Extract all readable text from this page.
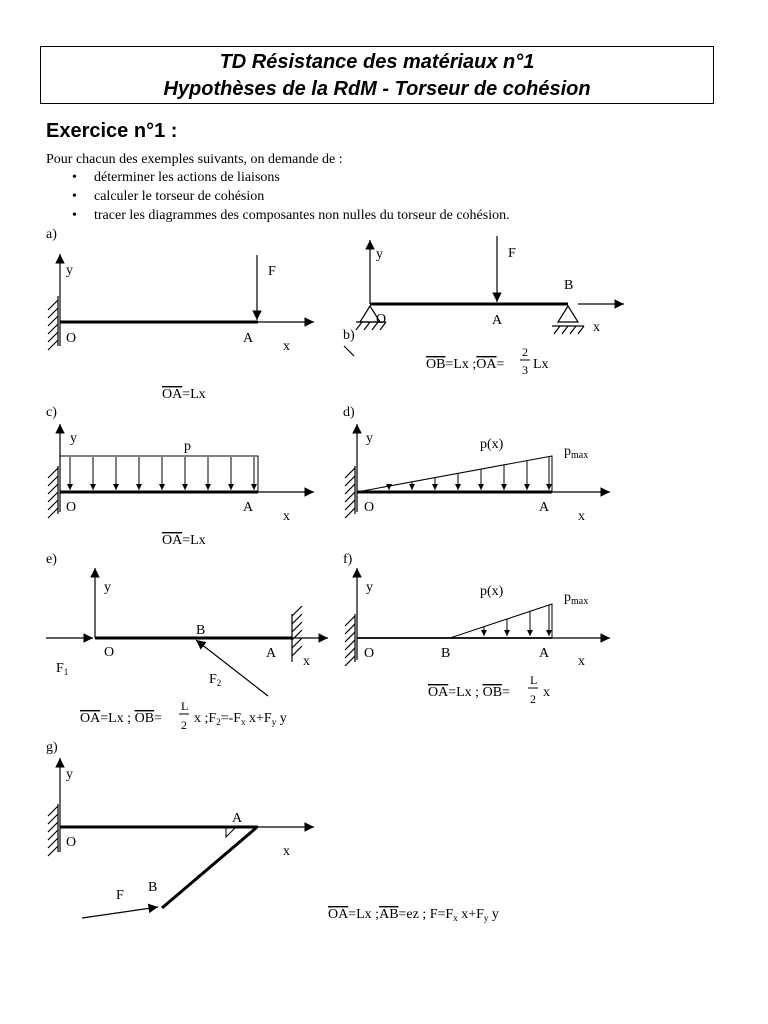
TD Résistance des matériaux n°1
Hypothèses de la RdM - Torseur de cohésion
Exercice n°1 :
Pour chacun des exemples suivants, on demande de :
• déterminer les actions de liaisons
• calculer le torseur de cohésion
• tracer les diagrammes des composantes non nulles du torseur de cohésion.
a)
y	F
O	A
x
OA=Lx
y	F
B
O	A	x
b)
OB=Lx ;OA=
2
3 Lx
c)
y
p
O	A
x
OA=Lx
d)
y	p(x)	$p_{max}$
O	A
x
e)
y
B
O	A
x
$F_1$	$F_2$
OA=Lx ; OB=
L
2 x $;F_2=-F_x$ $x+F_y$ y
f)
y	p(x)	$p_{max}$
O	B	A
x
OA=Lx ; OB=
L
2 x
g)
y
A
O
x
B
F
OA=Lx ;AB=ez ; $F=F_x$ $x+F_y$ y
